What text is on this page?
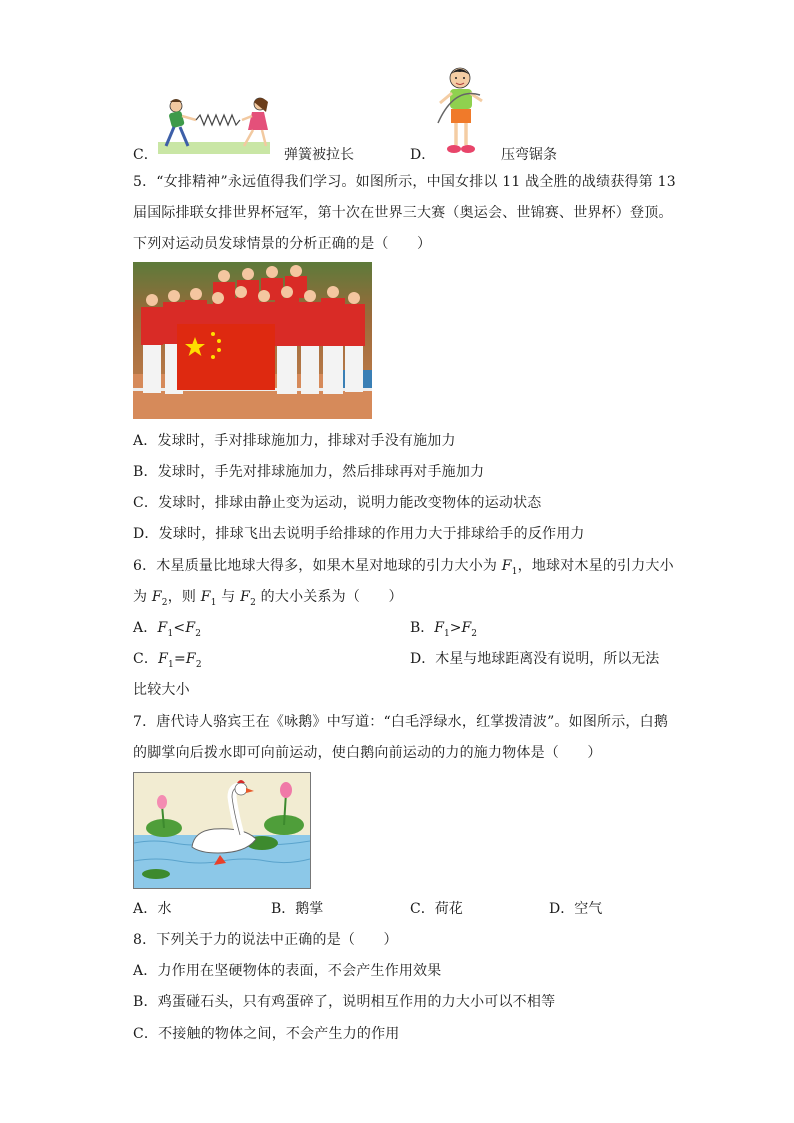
C．	弹簧被拉长	D．	压弯锯条
5．“女排精神”永远值得我们学习。如图所示，中国女排以 11 战全胜的战绩获得第 13
届国际排联女排世界杯冠军，第十次在世界三大赛（奥运会、世锦赛、世界杯）登顶。
下列对运动员发球情景的分析正确的是（　　）
A．发球时，手对排球施加力，排球对手没有施加力
B．发球时，手先对排球施加力，然后排球再对手施加力
C．发球时，排球由静止变为运动，说明力能改变物体的运动状态
D．发球时，排球飞出去说明手给排球的作用力大于排球给手的反作用力
6．木星质量比地球大得多，如果木星对地球的引力大小为 $F_1$，地球对木星的引力大小
为 $F_2$，则 $F_1$ 与 $F_2$ 的大小关系为（　　）
A．$F_1<F_2$	B．$F_1>F_2$
C．$F_1=F_2$	D．木星与地球距离没有说明，所以无法
比较大小
7．唐代诗人骆宾王在《咏鹅》中写道：“白毛浮绿水，红掌拨清波”。如图所示，白鹅
的脚掌向后拨水即可向前运动，使白鹅向前运动的力的施力物体是（　　）
A．水	B．鹅掌	C．荷花	D．空气
8．下列关于力的说法中正确的是（　　）
A．力作用在坚硬物体的表面，不会产生作用效果
B．鸡蛋碰石头，只有鸡蛋碎了，说明相互作用的力大小可以不相等
C．不接触的物体之间，不会产生力的作用
